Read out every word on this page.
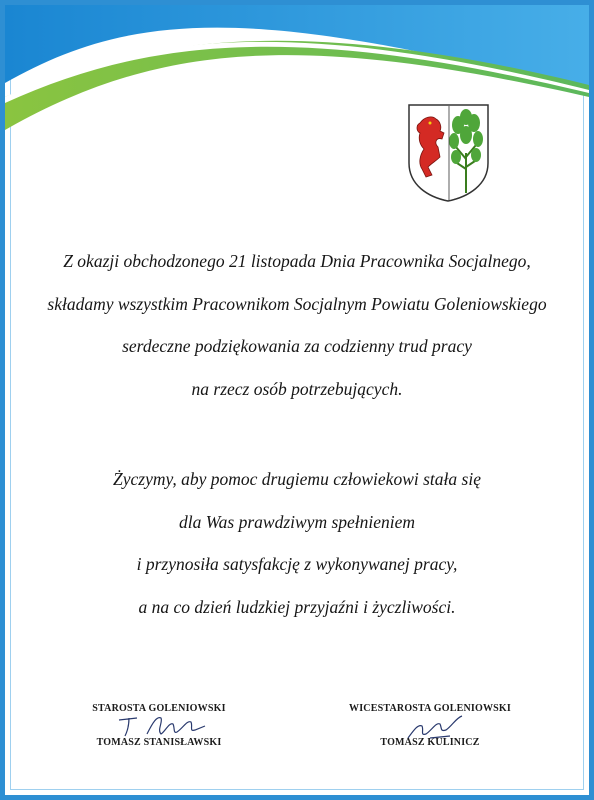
Z okazji obchodzonego 21 listopada Dnia Pracownika Socjalnego,
składamy wszystkim Pracownikom Socjalnym Powiatu Goleniowskiego
serdeczne podziękowania za codzienny trud pracy
na rzecz osób potrzebujących.
Życzymy, aby pomoc drugiemu człowiekowi stała się
dla Was prawdziwym spełnieniem
i przynosiła satysfakcję z wykonywanej pracy,
a na co dzień ludzkiej przyjaźni i życzliwości.
STAROSTA GOLENIOWSKI
TOMASZ STANISŁAWSKI
WICESTAROSTA GOLENIOWSKI
TOMASZ KULINICZ
